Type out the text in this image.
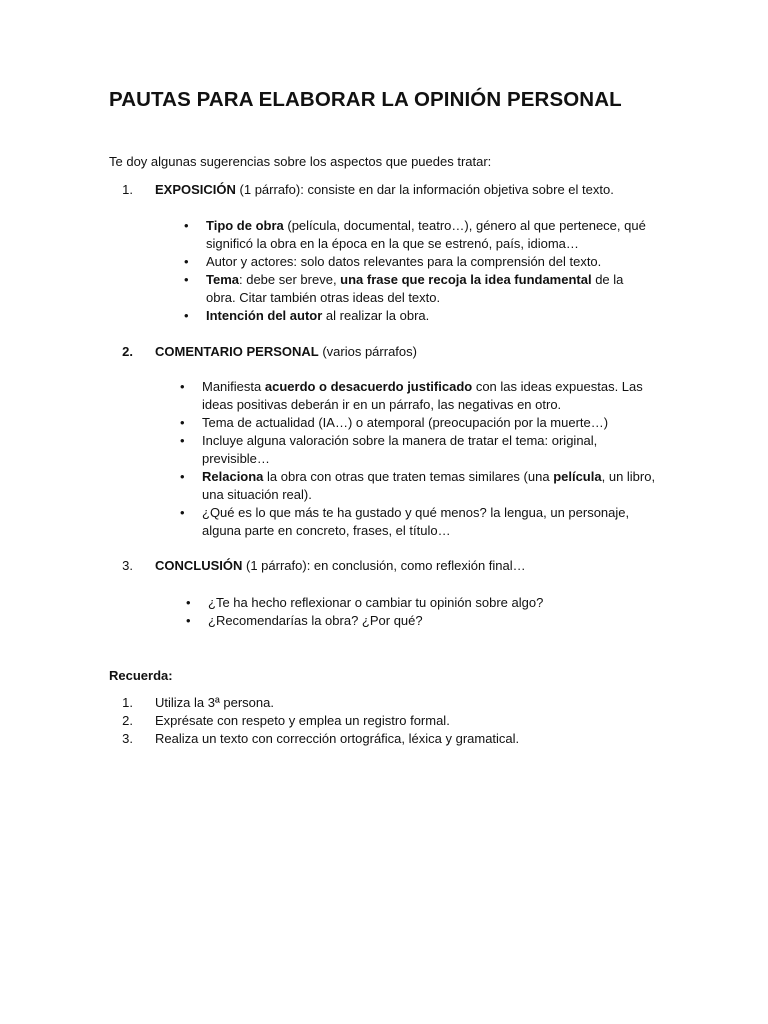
PAUTAS PARA ELABORAR LA OPINIÓN PERSONAL

Te doy algunas sugerencias sobre los aspectos que puedes tratar:

1. EXPOSICIÓN (1 párrafo): consiste en dar la información objetiva sobre el texto.

• Tipo de obra (película, documental, teatro…), género al que pertenece, qué significó la obra en la época en la que se estrenó, país, idioma…
• Autor y actores: solo datos relevantes para la comprensión del texto.
• Tema: debe ser breve, una frase que recoja la idea fundamental de la obra. Citar también otras ideas del texto.
• Intención del autor al realizar la obra.

2. COMENTARIO PERSONAL (varios párrafos)

• Manifiesta acuerdo o desacuerdo justificado con las ideas expuestas. Las ideas positivas deberán ir en un párrafo, las negativas en otro.
• Tema de actualidad (IA…) o atemporal (preocupación por la muerte…)
• Incluye alguna valoración sobre la manera de tratar el tema: original, previsible…
• Relaciona la obra con otras que traten temas similares (una película, un libro, una situación real).
• ¿Qué es lo que más te ha gustado y qué menos? la lengua, un personaje, alguna parte en concreto, frases, el título…

3. CONCLUSIÓN (1 párrafo): en conclusión, como reflexión final…

• ¿Te ha hecho reflexionar o cambiar tu opinión sobre algo?
• ¿Recomendarías la obra? ¿Por qué?

Recuerda:

1. Utiliza la 3ª persona.
2. Exprésate con respeto y emplea un registro formal.
3. Realiza un texto con corrección ortográfica, léxica y gramatical.
